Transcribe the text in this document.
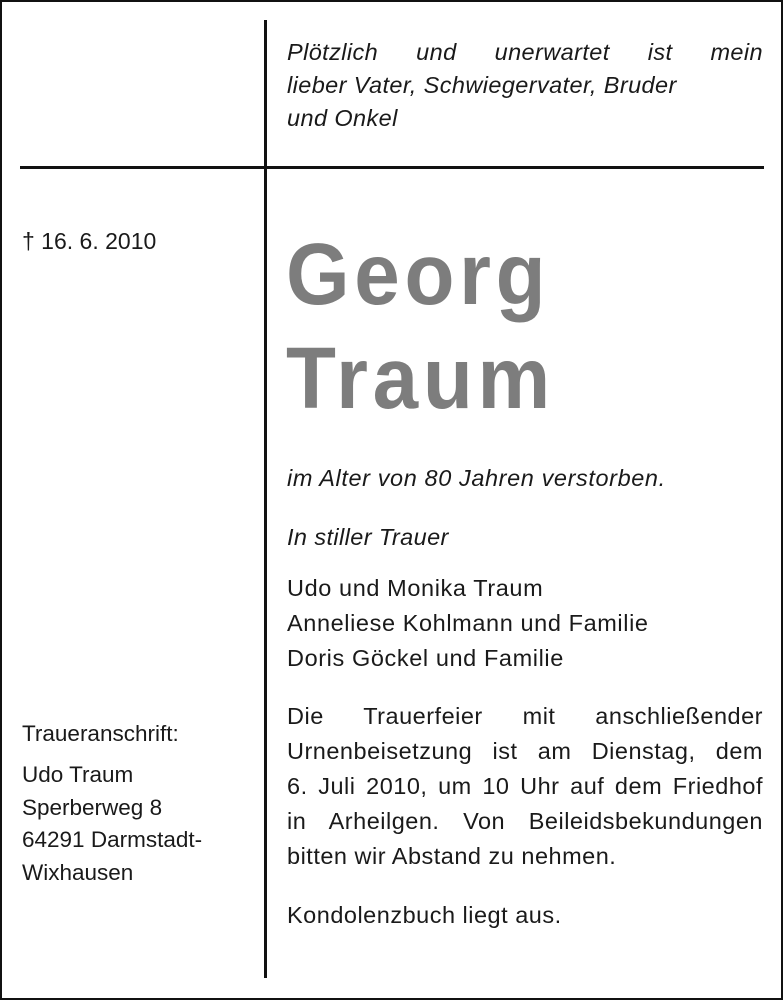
Plötzlich und unerwartet ist mein
lieber Vater, Schwiegervater, Bruder
und Onkel
† 16. 6. 2010 Georg
Traum
im Alter von 80 Jahren verstorben.
In stiller Trauer
Udo und Monika Traum
Anneliese Kohlmann und Familie
Doris Göckel und Familie
Die Trauerfeier mit anschließender
Urnenbeisetzung ist am Dienstag, dem
6. Juli 2010, um 10 Uhr auf dem Friedhof
in Arheilgen. Von Beileidsbekundungen
bitten wir Abstand zu nehmen.
Kondolenzbuch liegt aus.
Traueranschrift:
Udo Traum
Sperberweg 8
64291 Darmstadt-
Wixhausen
